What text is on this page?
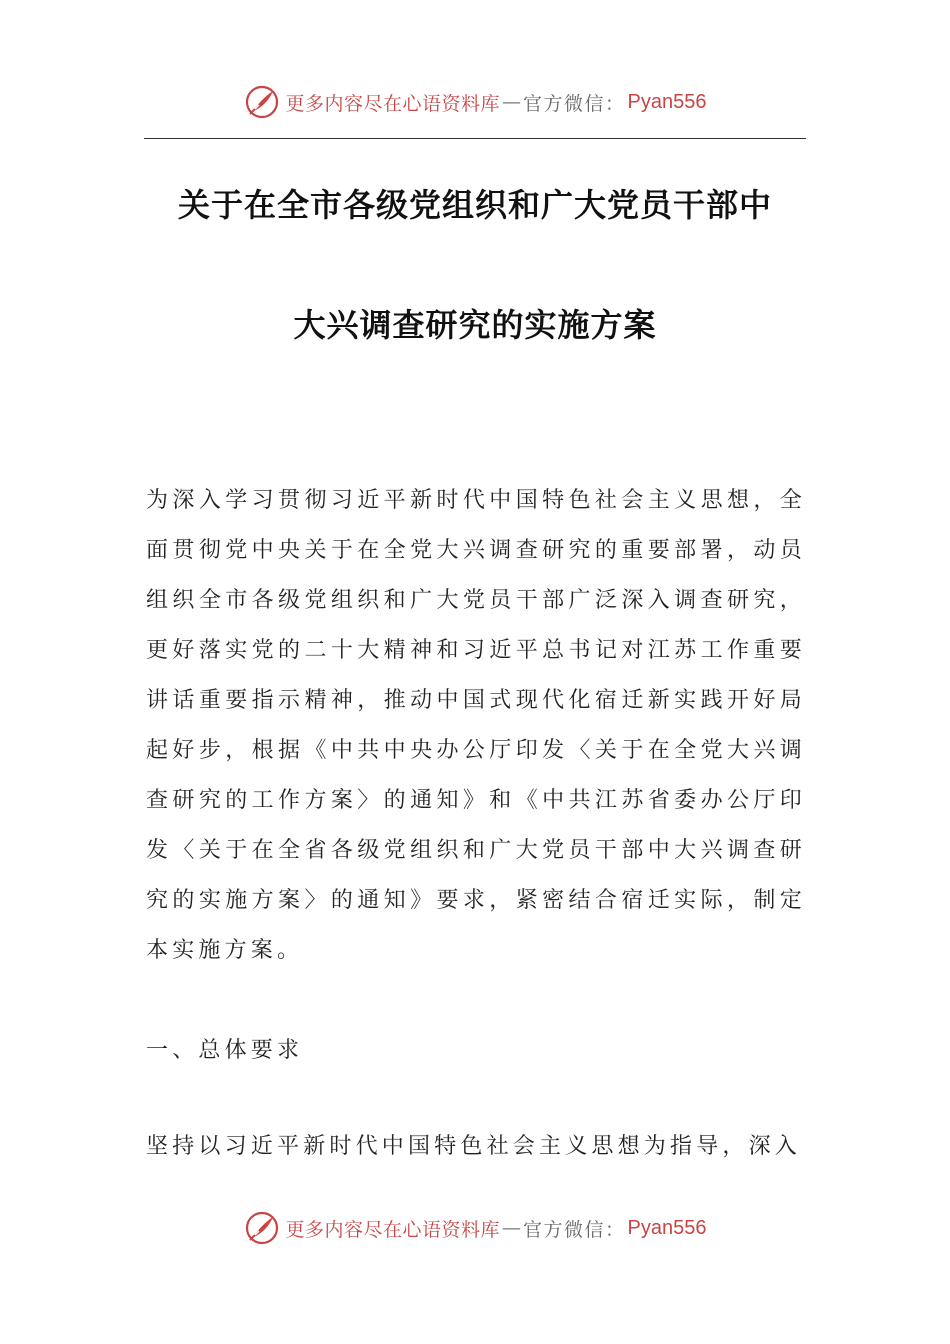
更多内容尽在心语资料库 — 官方微信： Pyan556
关于在全市各级党组织和广大党员干部中
大兴调查研究的实施方案
为深入学习贯彻习近平新时代中国特色社会主义思想，全面贯彻党中央关于在全党大兴调查研究的重要部署，动员组织全市各级党组织和广大党员干部广泛深入调查研究，更好落实党的二十大精神和习近平总书记对江苏工作重要讲话重要指示精神，推动中国式现代化宿迁新实践开好局起好步，根据《中共中央办公厅印发〈关于在全党大兴调查研究的工作方案〉的通知》和《中共江苏省委办公厅印发〈关于在全省各级党组织和广大党员干部中大兴调查研究的实施方案〉的通知》要求，紧密结合宿迁实际，制定本实施方案。
一、总体要求
坚持以习近平新时代中国特色社会主义思想为指导，深入
更多内容尽在心语资料库 — 官方微信： Pyan556
